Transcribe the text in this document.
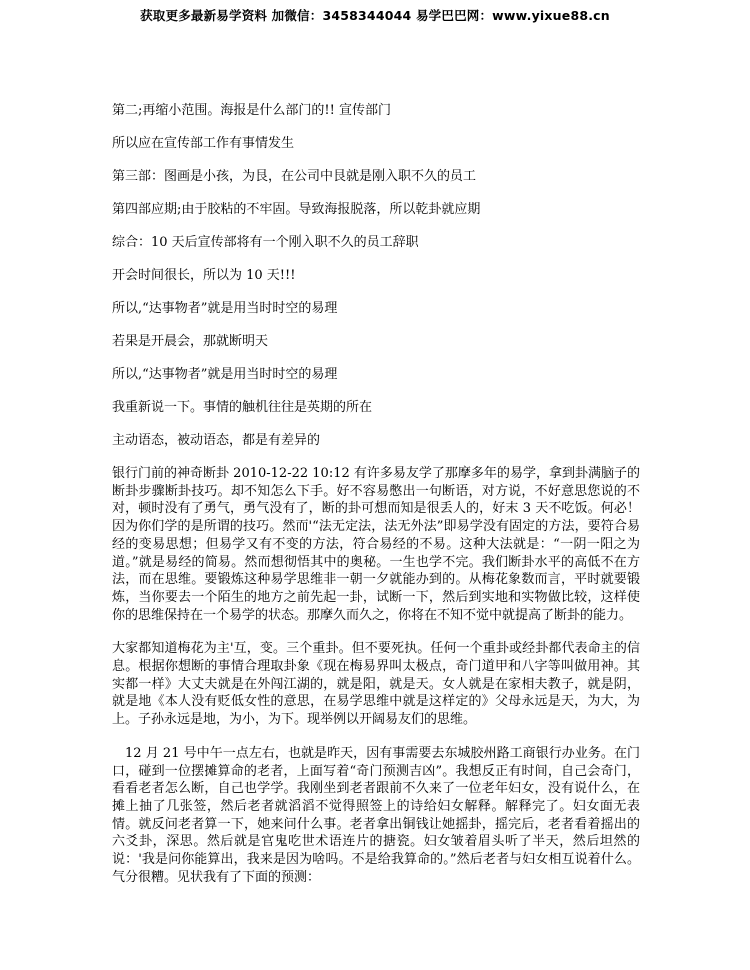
获取更多最新易学资料 加微信：3458344044 易学巴巴网：www.yixue88.cn

第二;再缩小范围。海报是什么部门的!! 宣传部门

所以应在宣传部工作有事情发生

第三部：图画是小孩，为艮，在公司中艮就是刚入职不久的员工

第四部应期;由于胶粘的不牢固。导致海报脱落，所以乾卦就应期

综合：10 天后宣传部将有一个刚入职不久的员工辞职

开会时间很长，所以为 10 天!!!

所以,“达事物者”就是用当时时空的易理

若果是开晨会，那就断明天

所以,“达事物者”就是用当时时空的易理

我重新说一下。事情的触机往往是英期的所在

主动语态，被动语态，都是有差异的

银行门前的神奇断卦 2010-12-22 10:12 有许多易友学了那摩多年的易学，拿到卦满脑子的断卦步骤断卦技巧。却不知怎么下手。好不容易憋出一句断语，对方说，不好意思您说的不对，顿时没有了勇气，勇气没有了，断的卦可想而知是很丢人的，好末 3 天不吃饭。何必！因为你们学的是所谓的技巧。然而'“法无定法，法无外法”即易学没有固定的方法，要符合易经的变易思想；但易学又有不变的方法，符合易经的不易。这种大法就是：“一阴一阳之为道。”就是易经的简易。然而想彻悟其中的奥秘。一生也学不完。我们断卦水平的高低不在方法，而在思维。要锻炼这种易学思维非一朝一夕就能办到的。从梅花象数而言，平时就要锻炼，当你要去一个陌生的地方之前先起一卦，试断一下，然后到实地和实物做比较，这样使你的思维保持在一个易学的状态。那摩久而久之，你将在不知不觉中就提高了断卦的能力。

大家都知道梅花为主'互，变。三个重卦。但不要死执。任何一个重卦或经卦都代表命主的信息。根据你想断的事情合理取卦象《现在梅易界叫太极点，奇门道甲和八字等叫做用神。其实都一样》大丈夫就是在外闯江湖的，就是阳，就是天。女人就是在家相夫教子，就是阴，就是地《本人没有贬低女性的意思，在易学思维中就是这样定的》父母永远是天，为大，为上。子孙永远是地，为小，为下。现举例以开阔易友们的思维。

12 月 21 号中午一点左右，也就是昨天，因有事需要去东城胶州路工商银行办业务。在门口，碰到一位摆摊算命的老者，上面写着“奇门预测吉凶”。我想反正有时间，自己会奇门，看看老者怎么断，自己也学学。我刚坐到老者跟前不久来了一位老年妇女，没有说什么，在摊上抽了几张签，然后老者就滔滔不觉得照签上的诗给妇女解释。解释完了。妇女面无表情。就反问老者算一下，她来问什么事。老者拿出铜钱让她摇卦，摇完后，老者看着摇出的六爻卦，深思。然后就是官鬼吃世术语连片的搪瓷。妇女皱着眉头听了半天，然后坦然的说：'我是问你能算出，我来是因为啥吗。不是给我算命的。”然后老者与妇女相互说着什么。气分很糟。见状我有了下面的预测：
